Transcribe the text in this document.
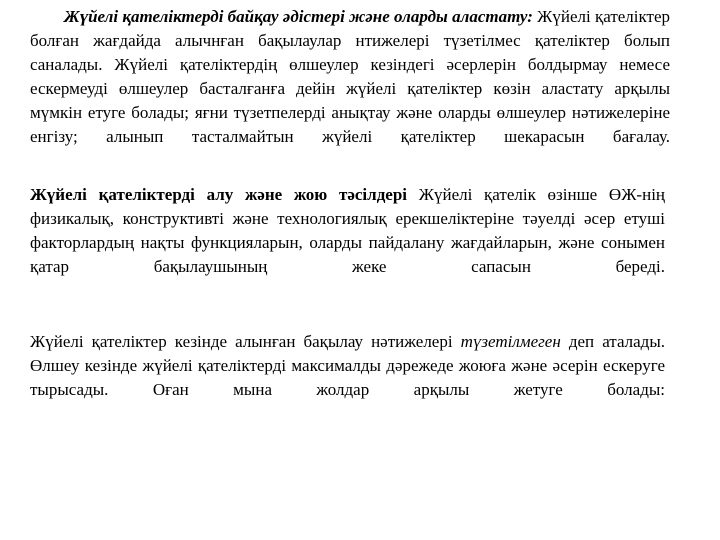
Жүйелі қателіктерді байқау әдістері және оларды аластату: Жүйелі қателіктер болған жағдайда алычнған бақылаулар нтижелері түзетілмес қателіктер болып саналады. Жүйелі қателіктердің өлшеулер кезіндегі әсерлерін болдырмау немесе ескермеуді өлшеулер басталғанға дейін жүйелі қателіктер көзін аластату арқылы мүмкін етуге болады; яғни түзетпелерді анықтау және оларды өлшеулер нәтижелеріне енгізу; алынып тасталмайтын жүйелі қателіктер шекарасын бағалау.

Жүйелі қателіктерді алу және жою тәсілдері Жүйелі қателік өзінше ӨЖ-нің физикалық, конструктивті және технологиялық ерекшеліктеріне тәуелді әсер етуші факторлардың нақты функцияларын, оларды пайдалану жағдайларын, және сонымен қатар бақылаушының жеке сапасын береді.

Жүйелі қателіктер кезінде алынған бақылау нәтижелері түзетілмеген деп аталады. Өлшеу кезінде жүйелі қателіктерді максималды дәрежеде жоюға және әсерін ескеруге тырысады. Оған мына жолдар арқылы жетуге болады:
